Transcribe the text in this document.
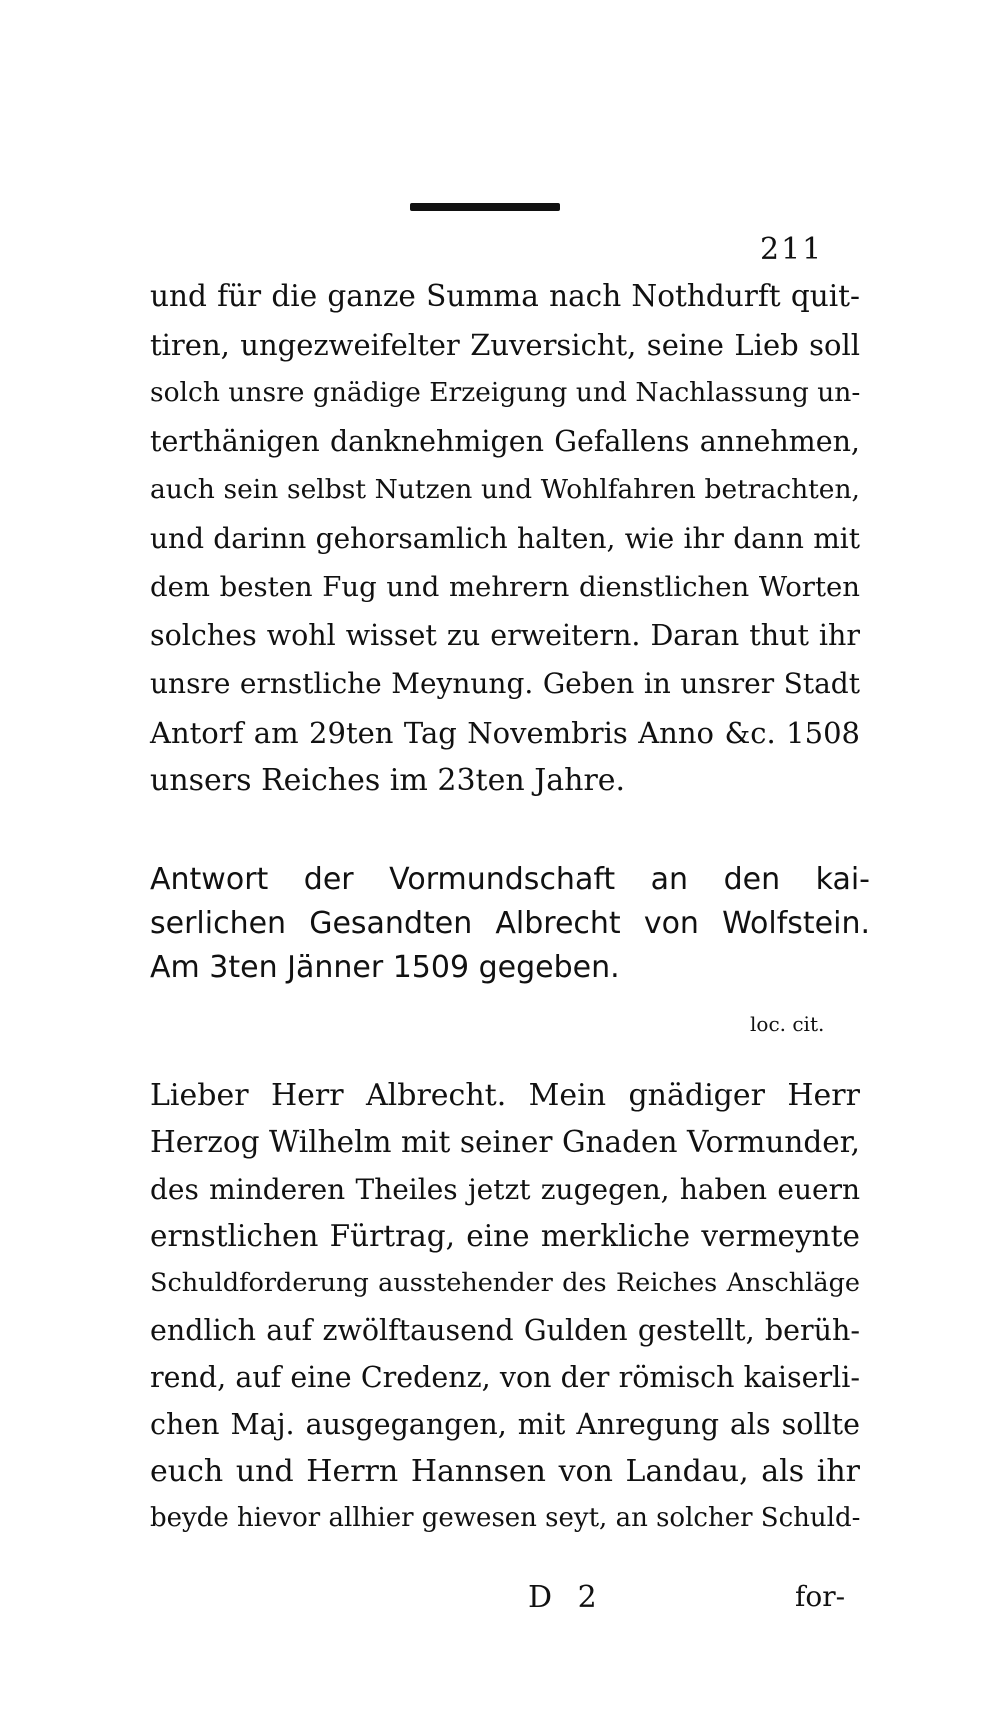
211
und für die ganze Summa nach Nothdurft quit-
tiren, ungezweifelter Zuversicht, seine Lieb soll
solch unsre gnädige Erzeigung und Nachlassung un-
terthänigen danknehmigen Gefallens annehmen,
auch sein selbst Nutzen und Wohlfahren betrachten,
und darinn gehorsamlich halten, wie ihr dann mit
dem besten Fug und mehrern dienstlichen Worten
solches wohl wisset zu erweitern. Daran thut ihr
unsre ernstliche Meynung. Geben in unsrer Stadt
Antorf am 29ten Tag Novembris Anno &c. 1508
unsers Reiches im 23ten Jahre.
Antwort der Vormundschaft an den kai-
serlichen Gesandten Albrecht von Wolfstein.
Am 3ten Jänner 1509 gegeben.
loc. cit.
Lieber Herr Albrecht. Mein gnädiger Herr
Herzog Wilhelm mit seiner Gnaden Vormunder,
des minderen Theiles jetzt zugegen, haben euern
ernstlichen Fürtrag, eine merkliche vermeynte
Schuldforderung ausstehender des Reiches Anschläge
endlich auf zwölftausend Gulden gestellt, berüh-
rend, auf eine Credenz, von der römisch kaiserli-
chen Maj. ausgegangen, mit Anregung als sollte
euch und Herrn Hannsen von Landau, als ihr
beyde hievor allhier gewesen seyt, an solcher Schuld-
D 2	for-
